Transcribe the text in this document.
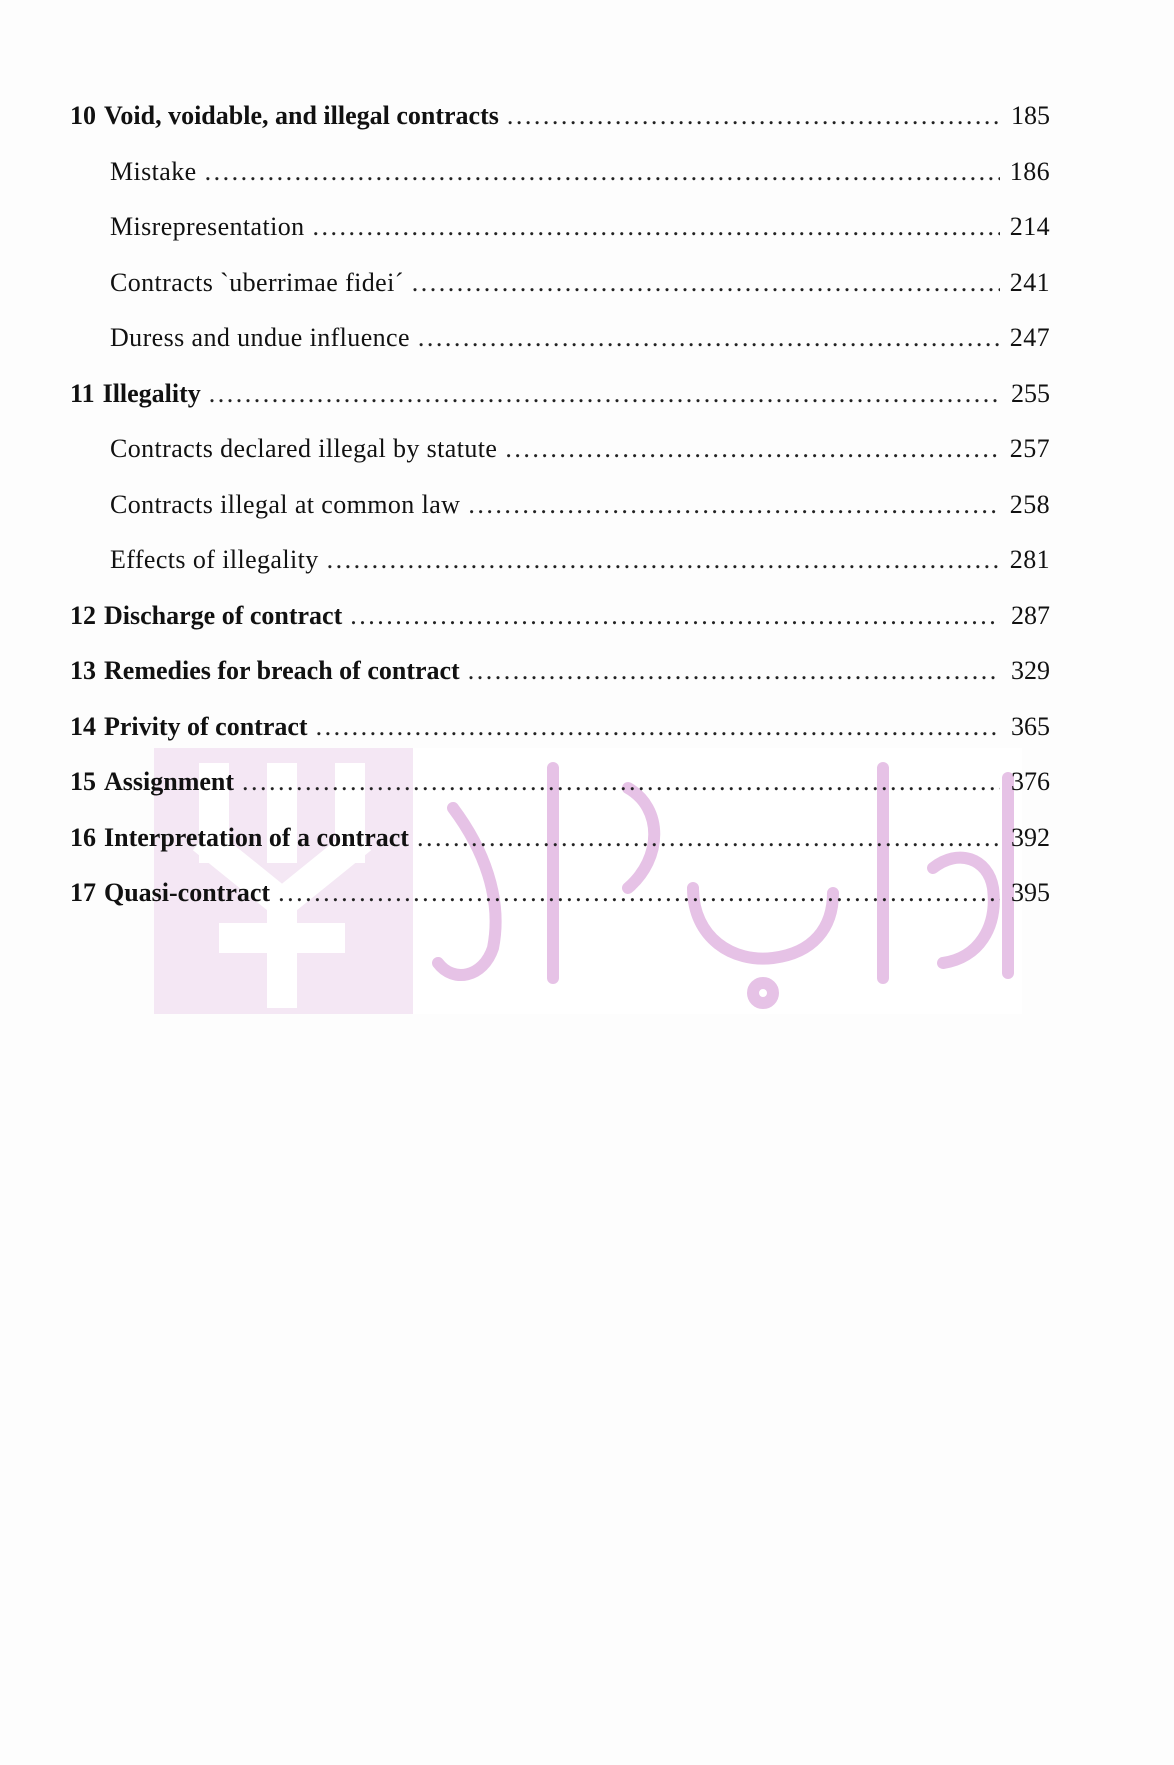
10 Void, voidable, and illegal contracts .....	185
Mistake .....	186
Misrepresentation .....	214
Contracts `uberrimae fidei´ .....	241
Duress and undue influence .....	247
11 Illegality .....	255
Contracts declared illegal by statute .....	257
Contracts illegal at common law .....	258
Effects of illegality .....	281
12 Discharge of contract .....	287
13 Remedies for breach of contract .....	329
14 Privity of contract .....	365
15 Assignment .....	376
16 Interpretation of a contract .....	392
17 Quasi-contract .....	395
